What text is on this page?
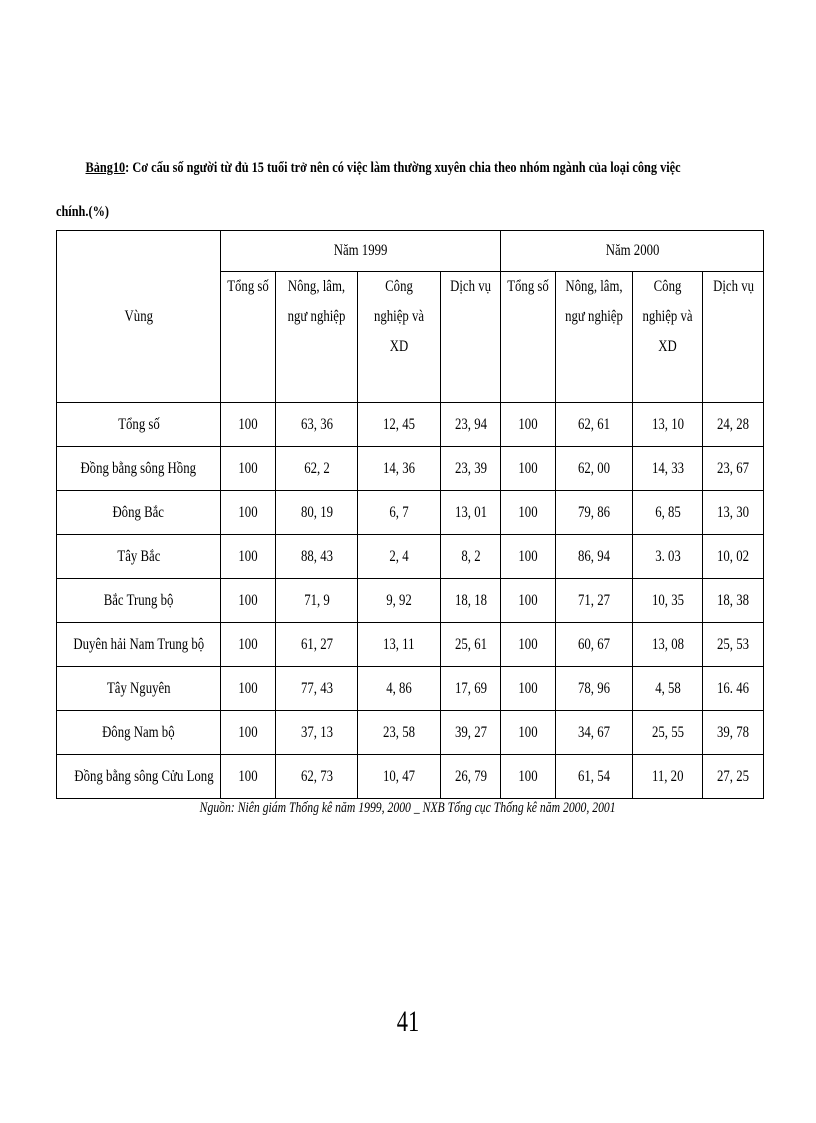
Bảng10: Cơ cấu số người từ đủ 15 tuổi trở nên có việc làm thường xuyên chia theo nhóm ngành của loại công việc
chính.(%)
Vùng	Năm 1999				Năm 2000			
	Tổng số	Nông, lâm, ngư nghiệp	Công nghiệp và XD	Dịch vụ	Tổng số	Nông, lâm, ngư nghiệp	Công nghiệp và XD	Dịch vụ
Tổng số	100	63, 36	12, 45	23, 94	100	62, 61	13, 10	24, 28
Đồng bằng sông Hồng	100	62, 2	14, 36	23, 39	100	62, 00	14, 33	23, 67
Đông Bắc	100	80, 19	6, 7	13, 01	100	79, 86	6, 85	13, 30
Tây Bắc	100	88, 43	2, 4	8, 2	100	86, 94	3. 03	10, 02
Bắc Trung bộ	100	71, 9	9, 92	18, 18	100	71, 27	10, 35	18, 38
Duyên hải Nam Trung bộ	100	61, 27	13, 11	25, 61	100	60, 67	13, 08	25, 53
Tây Nguyên	100	77, 43	4, 86	17, 69	100	78, 96	4, 58	16. 46
Đông Nam bộ	100	37, 13	23, 58	39, 27	100	34, 67	25, 55	39, 78
Đồng bằng sông Cửu Long	100	62, 73	10, 47	26, 79	100	61, 54	11, 20	27, 25
Nguồn: Niên giám Thống kê năm 1999, 2000 _ NXB Tổng cục Thống kê năm 2000, 2001
41
